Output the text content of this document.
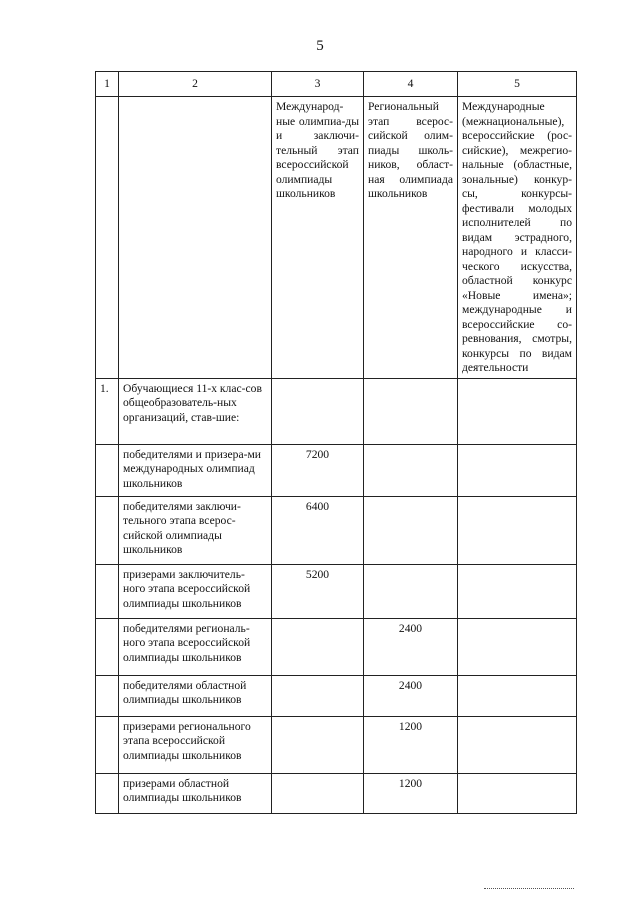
5
1	2	3	4	5
		Международ-ные олимпиа-ды и заключи-тельный этап всероссийской олимпиады школьников	Региональный этап всерос-сийской олим-пиады школь-ников, област-ная олимпиада школьников	Международные (межнациональные), всероссийские (рос-сийские), межрегио-нальные (областные, зональные) конкур-сы, конкурсы-фестивали молодых исполнителей по видам эстрадного, народного и класси-ческого искусства, областной конкурс «Новые имена»; международные и всероссийские со-ревнования, смотры, конкурсы по видам деятельности
1.	Обучающиеся 11-х клас-сов общеобразователь-ных организаций, став-шие:			
	победителями и призера-ми международных олимпиад школьников	7200		
	победителями заключи-тельного этапа всерос-сийской олимпиады школьников	6400		
	призерами заключитель-ного этапа всероссийской олимпиады школьников	5200		
	победителями региональ-ного этапа всероссийской олимпиады школьников		2400	
	победителями областной олимпиады школьников		2400	
	призерами регионального этапа всероссийской олимпиады школьников		1200	
	призерами областной олимпиады школьников		1200	
